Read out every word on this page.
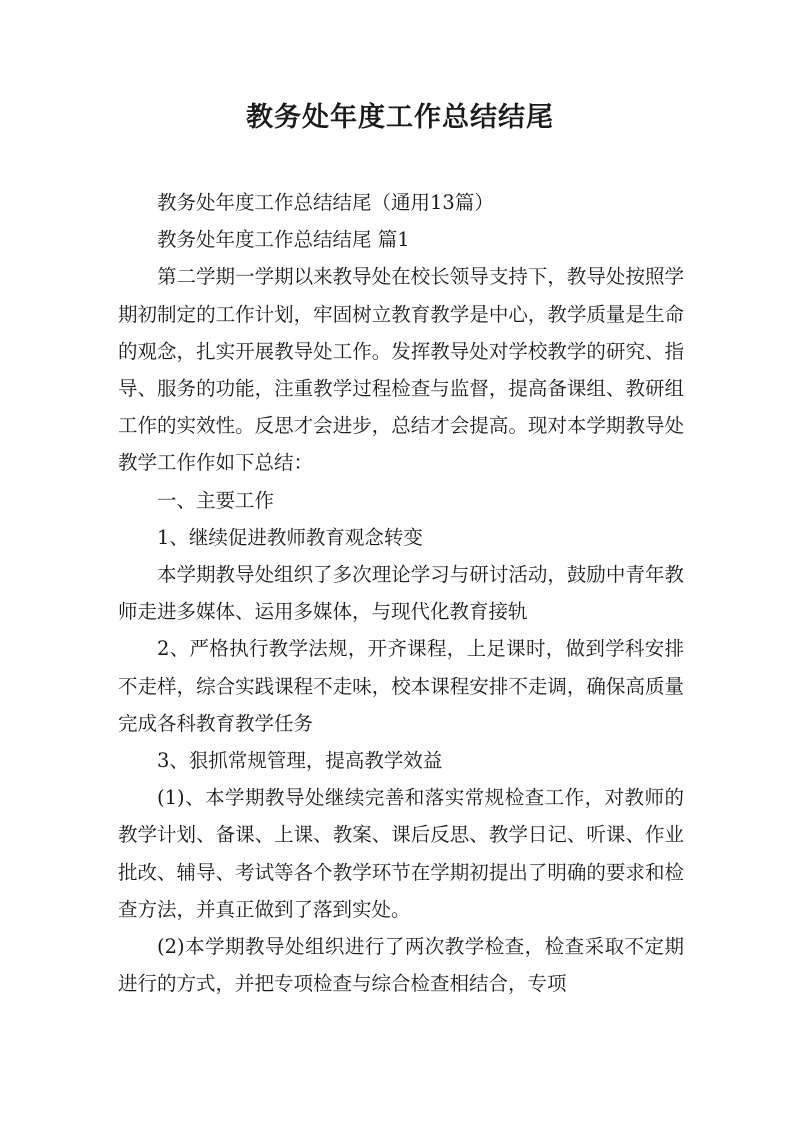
教务处年度工作总结结尾

教务处年度工作总结结尾（通用13篇）

教务处年度工作总结结尾 篇1

第二学期一学期以来教导处在校长领导支持下，教导处按照学期初制定的工作计划，牢固树立教育教学是中心，教学质量是生命的观念，扎实开展教导处工作。发挥教导处对学校教学的研究、指导、服务的功能，注重教学过程检查与监督，提高备课组、教研组工作的实效性。反思才会进步，总结才会提高。现对本学期教导处教学工作作如下总结：

一、主要工作

1、继续促进教师教育观念转变

本学期教导处组织了多次理论学习与研讨活动，鼓励中青年教师走进多媒体、运用多媒体，与现代化教育接轨

2、严格执行教学法规，开齐课程，上足课时，做到学科安排不走样，综合实践课程不走味，校本课程安排不走调，确保高质量完成各科教育教学任务

3、狠抓常规管理，提高教学效益

(1)、本学期教导处继续完善和落实常规检查工作，对教师的教学计划、备课、上课、教案、课后反思、教学日记、听课、作业批改、辅导、考试等各个教学环节在学期初提出了明确的要求和检查方法，并真正做到了落到实处。

(2)本学期教导处组织进行了两次教学检查，检查采取不定期进行的方式，并把专项检查与综合检查相结合，专项
